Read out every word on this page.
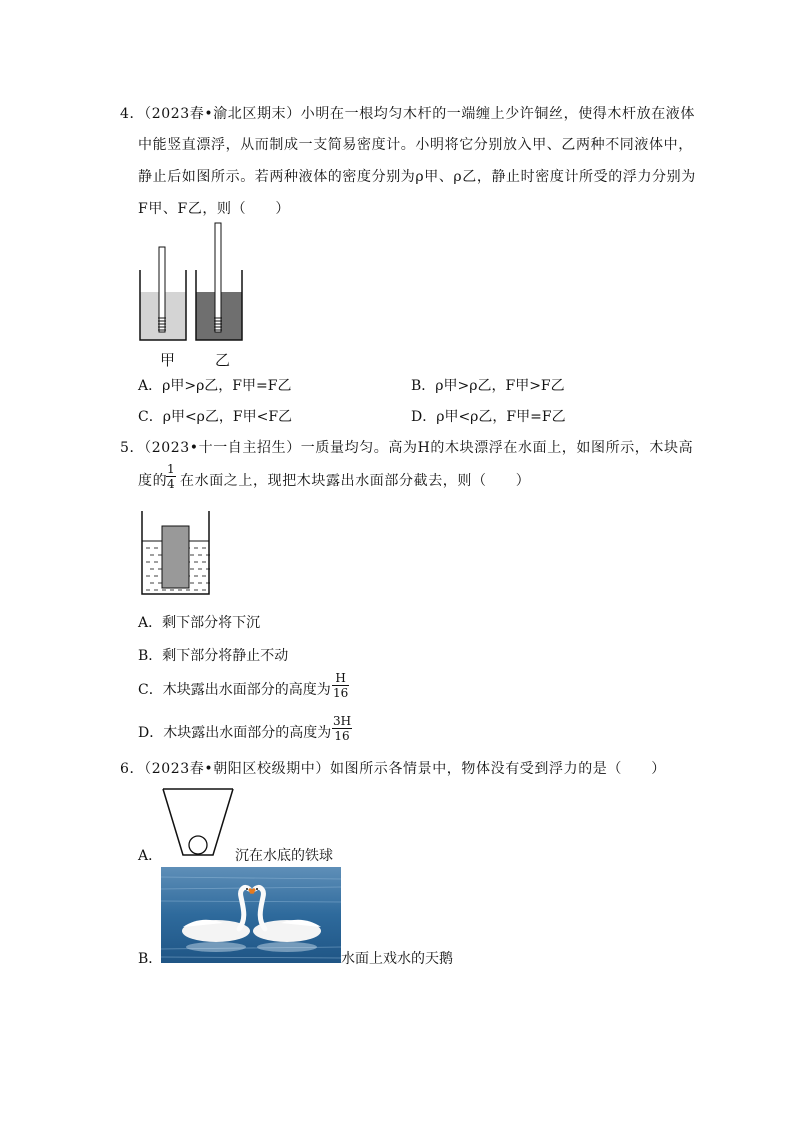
4．（2023春•渝北区期末）小明在一根均匀木杆的一端缠上少许铜丝，使得木杆放在液体
中能竖直漂浮，从而制成一支简易密度计。小明将它分别放入甲、乙两种不同液体中，
静止后如图所示。若两种液体的密度分别为ρ甲、ρ乙，静止时密度计所受的浮力分别为
F甲、F乙，则（　　）
甲	乙
A．ρ甲>ρ乙，F甲=F乙	B．ρ甲>ρ乙，F甲>F乙
C．ρ甲<ρ乙，F甲<F乙	D．ρ甲<ρ乙，F甲=F乙
5．（2023•十一自主招生）一质量均匀。高为H的木块漂浮在水面上，如图所示，木块高
度的
$\frac{1}{4}$ 在水面之上，现把木块露出水面部分截去，则（　　）
A．剩下部分将下沉
B．剩下部分将静止不动
C．木块露出水面部分的高度为 $\frac{H}{16}$
D．木块露出水面部分的高度为 $\frac{3H}{16}$
6．（2023春•朝阳区校级期中）如图所示各情景中，物体没有受到浮力的是（　　）
A．	沉在水底的铁球
B．	水面上戏水的天鹅
